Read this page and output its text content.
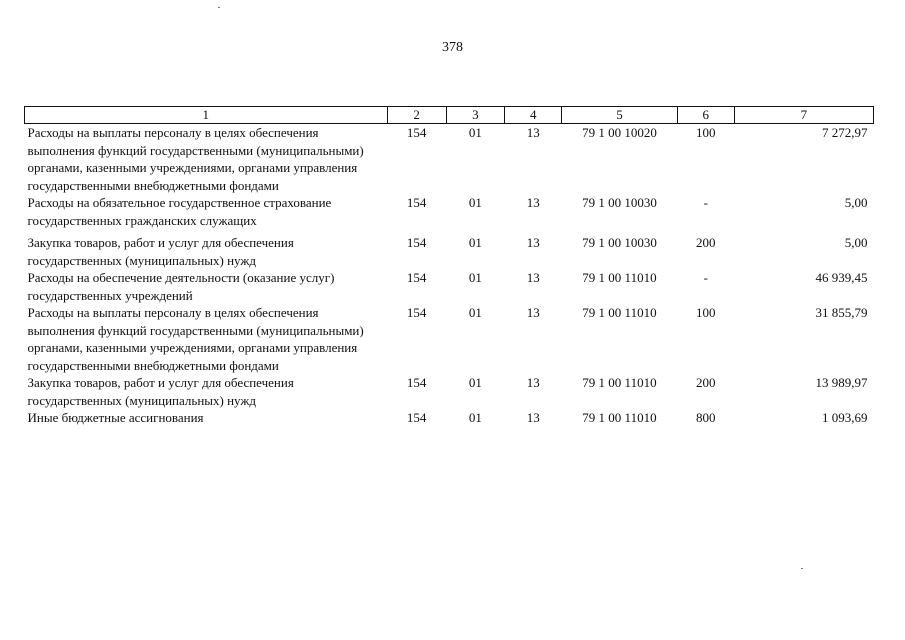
378
1	2	3	4	5	6	7
Расходы на выплаты персоналу в целях обеспечения выполнения функций государственными (муниципальными) органами, казенными учреждениями, органами управления государственными внебюджетными фондами	154	01	13	79 1 00 10020	100	7 272,97
Расходы на обязательное государственное страхование государственных гражданских служащих	154	01	13	79 1 00 10030	-	5,00

Закупка товаров, работ и услуг для обеспечения государственных (муниципальных) нужд	154	01	13	79 1 00 10030	200	5,00
Расходы на обеспечение деятельности (оказание услуг) государственных учреждений	154	01	13	79 1 00 11010	-	46 939,45
Расходы на выплаты персоналу в целях обеспечения выполнения функций государственными (муниципальными) органами, казенными учреждениями, органами управления государственными внебюджетными фондами	154	01	13	79 1 00 11010	100	31 855,79
Закупка товаров, работ и услуг для обеспечения государственных (муниципальных) нужд	154	01	13	79 1 00 11010	200	13 989,97
Иные бюджетные ассигнования	154	01	13	79 1 00 11010	800	1 093,69
